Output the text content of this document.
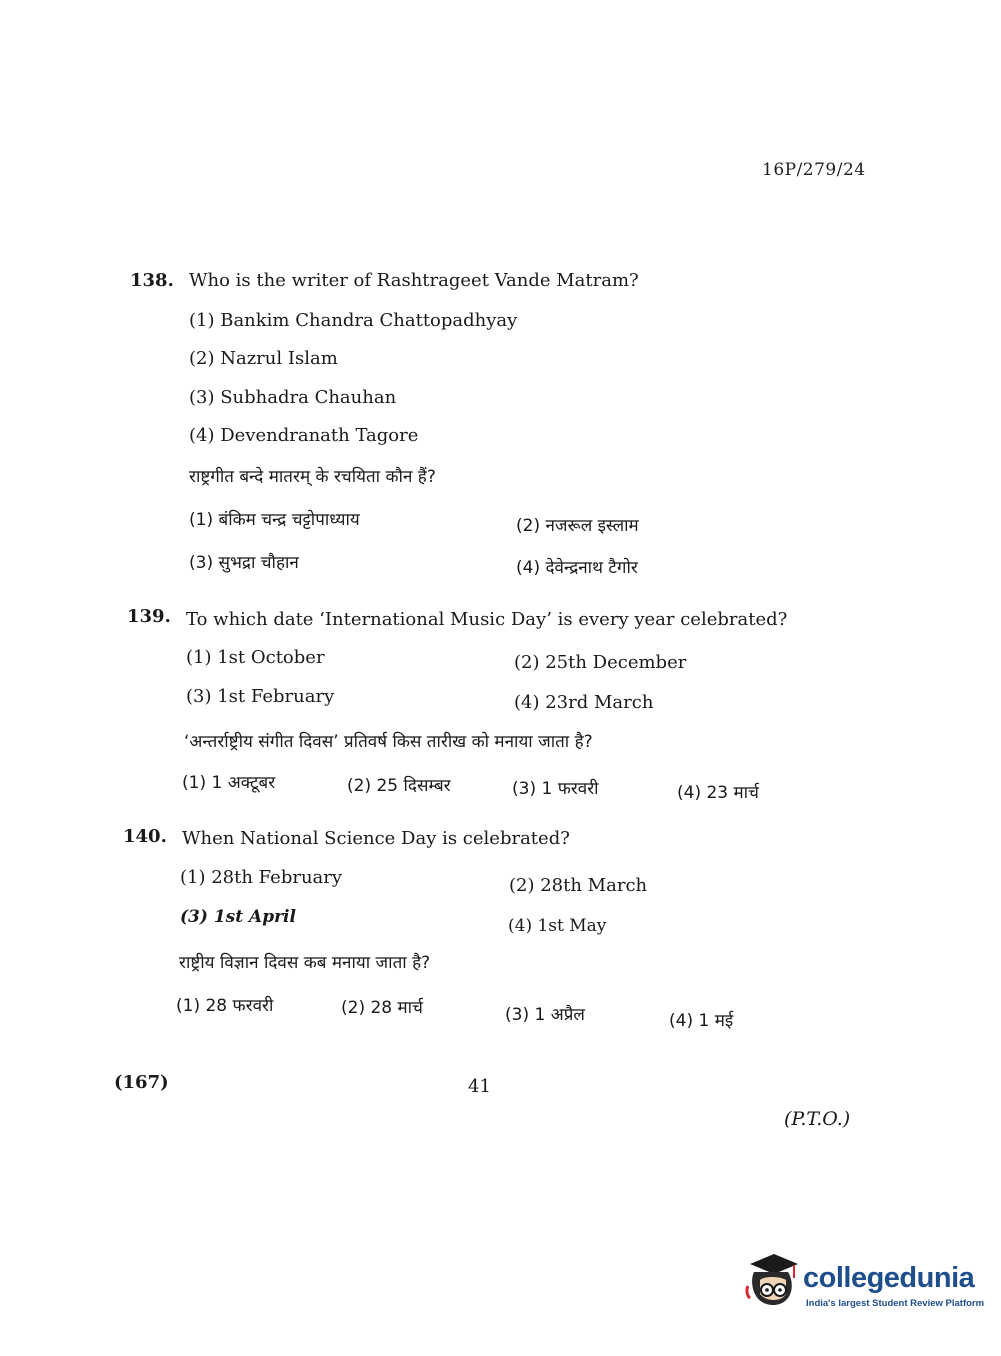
16P/279/24
138. Who is the writer of Rashtrageet Vande Matram?
(1) Bankim Chandra Chattopadhyay
(2) Nazrul Islam
(3) Subhadra Chauhan
(4) Devendranath Tagore
राष्ट्रगीत बन्दे मातरम् के रचयिता कौन हैं?
(1) बंकिम चन्द्र चट्टोपाध्याय	(2) नजरूल इस्लाम
(3) सुभद्रा चौहान	(4) देवेन्द्रनाथ टैगोर
139. To which date ‘International Music Day’ is every year celebrated?
(1) 1st October	(2) 25th December
(3) 1st February	(4) 23rd March
‘अन्तर्राष्ट्रीय संगीत दिवस’ प्रतिवर्ष किस तारीख को मनाया जाता है?
(1) 1 अक्टूबर	(2) 25 दिसम्बर	(3) 1 फरवरी	(4) 23 मार्च
140. When National Science Day is celebrated?
(1) 28th February	(2) 28th March
(3) 1st April	(4) 1st May
राष्ट्रीय विज्ञान दिवस कब मनाया जाता है?
(1) 28 फरवरी	(2) 28 मार्च	(3) 1 अप्रैल	(4) 1 मई
(167)	41
(P.T.O.)
collegedunia
India's largest Student Review Platform
